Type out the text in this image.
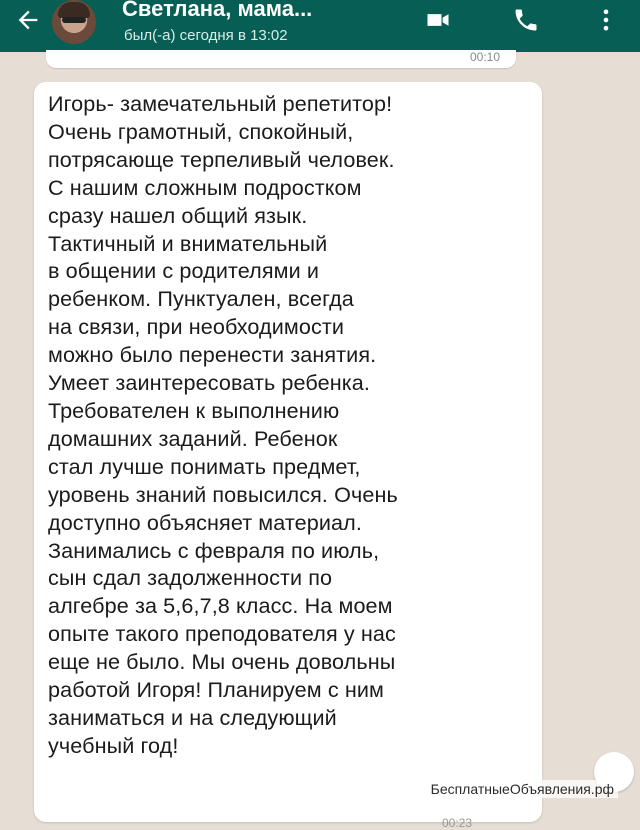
Светлана, мама...
был(-а) сегодня в 13:02
00:10
Игорь- замечательный репетитор!
Очень грамотный, спокойный,
потрясающе терпеливый человек.
С нашим сложным подростком
сразу нашел общий язык.
Тактичный и внимательный
в общении с родителями и
ребенком. Пунктуален, всегда
на связи, при необходимости
можно было перенести занятия.
Умеет заинтересовать ребенка.
Требователен к выполнению
домашних заданий. Ребенок
стал лучше понимать предмет,
уровень знаний повысился. Очень
доступно объясняет материал.
Занимались с февраля по июль,
сын сдал задолженности по
алгебре за 5,6,7,8 класс. На моем
опыте такого преподователя у нас
еще не было. Мы очень довольны
работой Игоря! Планируем с ним
заниматься и на следующий
учебный год!
00:23
БесплатныеОбъявления.рф
